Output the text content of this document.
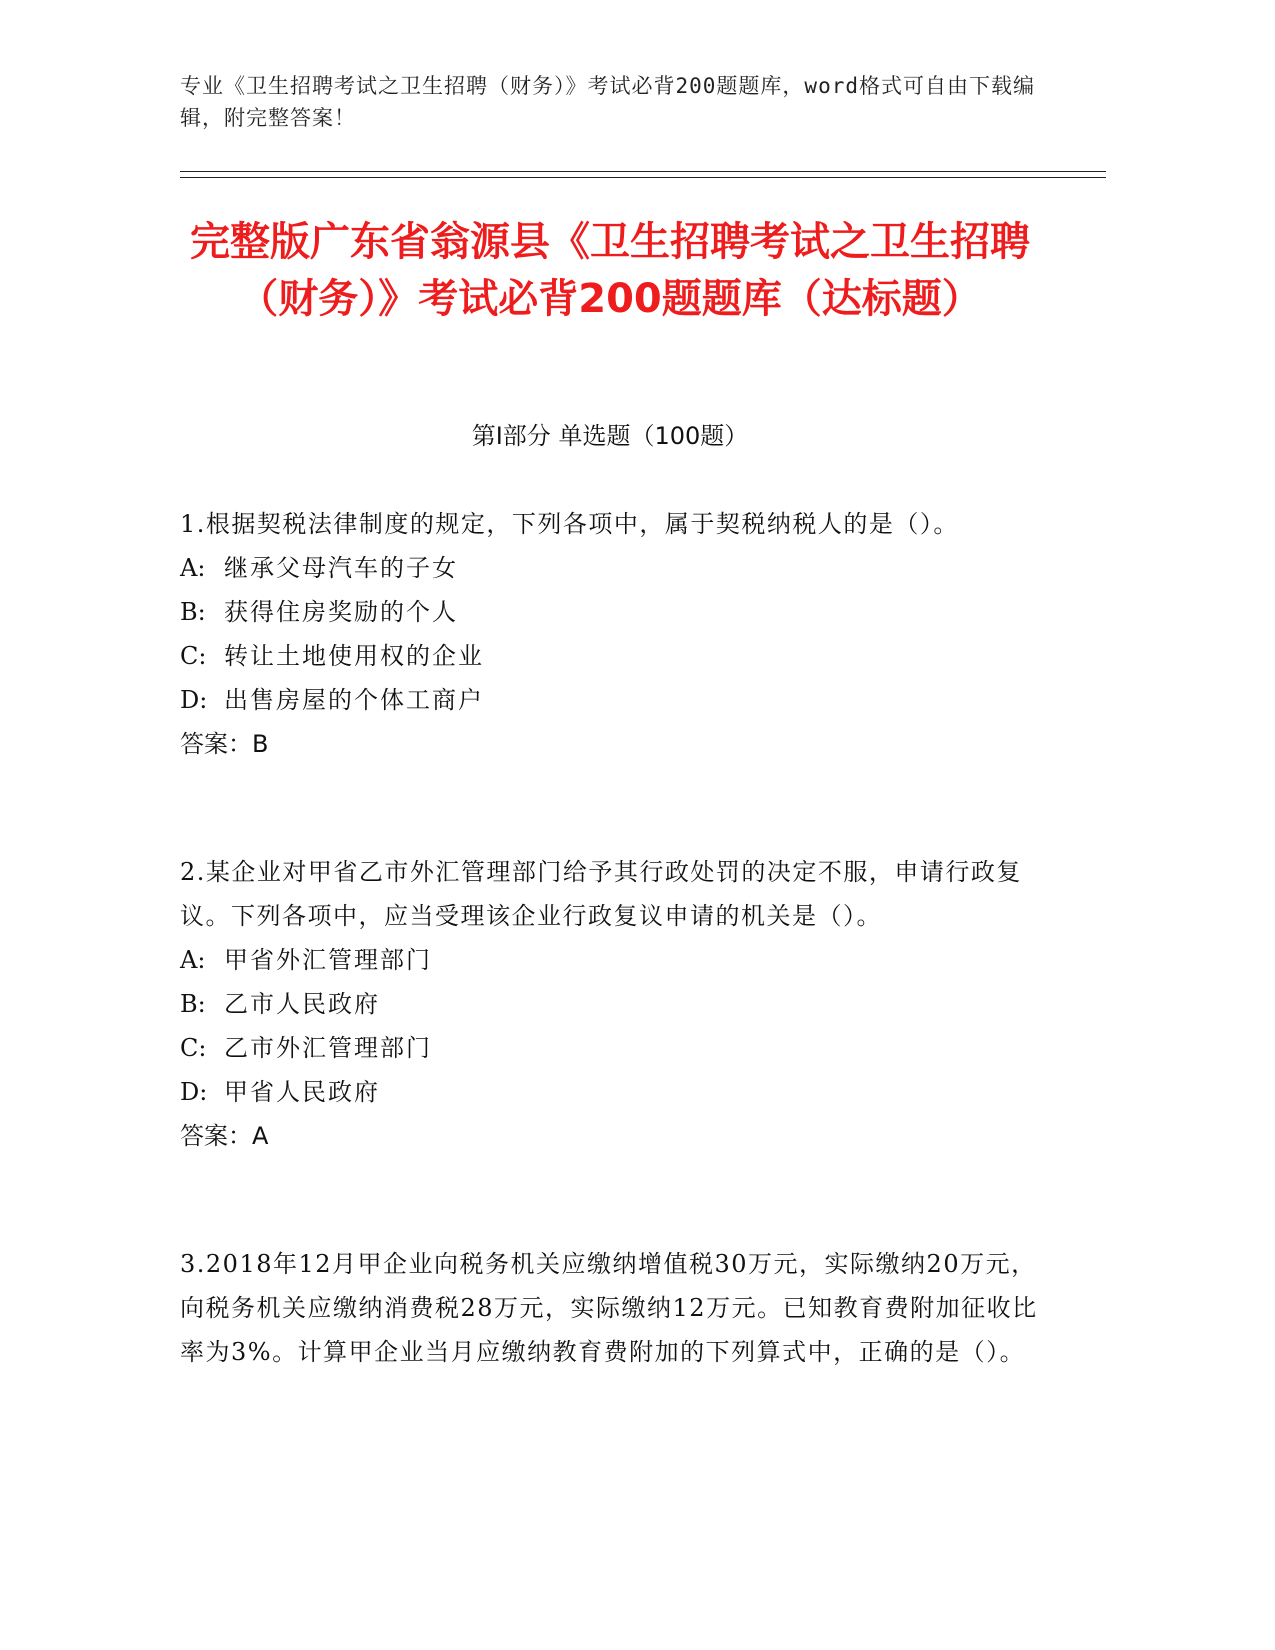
专业《卫生招聘考试之卫生招聘（财务）》考试必背200题题库，word格式可自由下载编辑，附完整答案！
完整版广东省翁源县《卫生招聘考试之卫生招聘（财务）》考试必背200题题库（达标题）
第Ⅰ部分 单选题（100题）

1.根据契税法律制度的规定，下列各项中，属于契税纳税人的是（）。

A: 继承父母汽车的子女

B: 获得住房奖励的个人

C: 转让土地使用权的企业

D: 出售房屋的个体工商户

答案：B

2.某企业对甲省乙市外汇管理部门给予其行政处罚的决定不服，申请行政复议。下列各项中，应当受理该企业行政复议申请的机关是（）。

A: 甲省外汇管理部门

B: 乙市人民政府

C: 乙市外汇管理部门

D: 甲省人民政府

答案：A

3.2018年12月甲企业向税务机关应缴纳增值税30万元，实际缴纳20万元，向税务机关应缴纳消费税28万元，实际缴纳12万元。已知教育费附加征收比率为3%。计算甲企业当月应缴纳教育费附加的下列算式中，正确的是（）。
